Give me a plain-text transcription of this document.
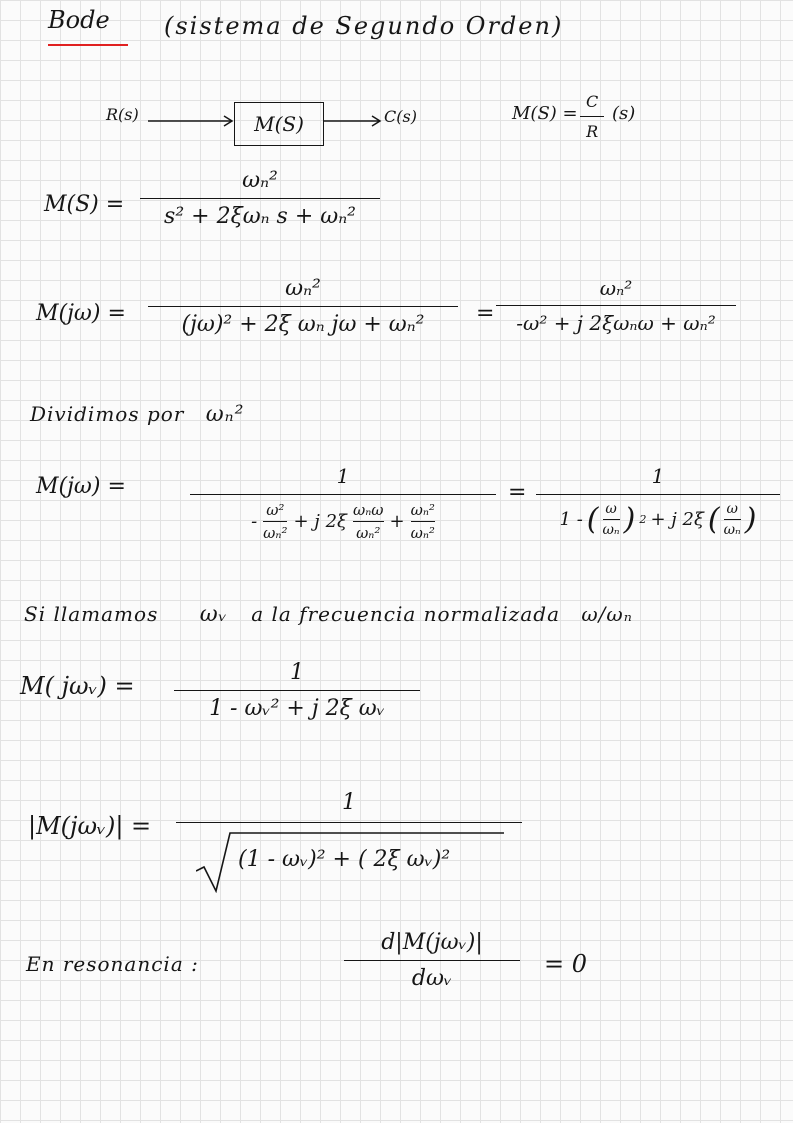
Bode (sistema de Segundo Orden)
R(s)	M(S)	C(s)	M(S) =
C
R
(s)
M(S) =
ωₙ²
s² + 2ξωₙ s + ωₙ²
M(jω) =
ωₙ²
(jω)² + 2ξ ωₙ jω + ωₙ² =
ωₙ²
-ω² + j 2ξωₙω + ωₙ²
Dividimos por ωₙ²
M(jω) =	1
-
ω²
ωₙ²
+ j 2ξ
ωₙω
ωₙ²
+
ωₙ²
ωₙ²
=
1
1 - ( ω
ωₙ ) 2 + j 2ξ ( ω
ωₙ )
Si llamamos ωᵥ a la frecuencia normalizada ω/ωₙ
M( jωᵥ) =	1
1 - ωᵥ² + j 2ξ ωᵥ
|M(jωᵥ)| =
1
(1 - ωᵥ)² + ( 2ξ ωᵥ)²
En resonancia :
d|M(jωᵥ)|
dωᵥ
= 0
